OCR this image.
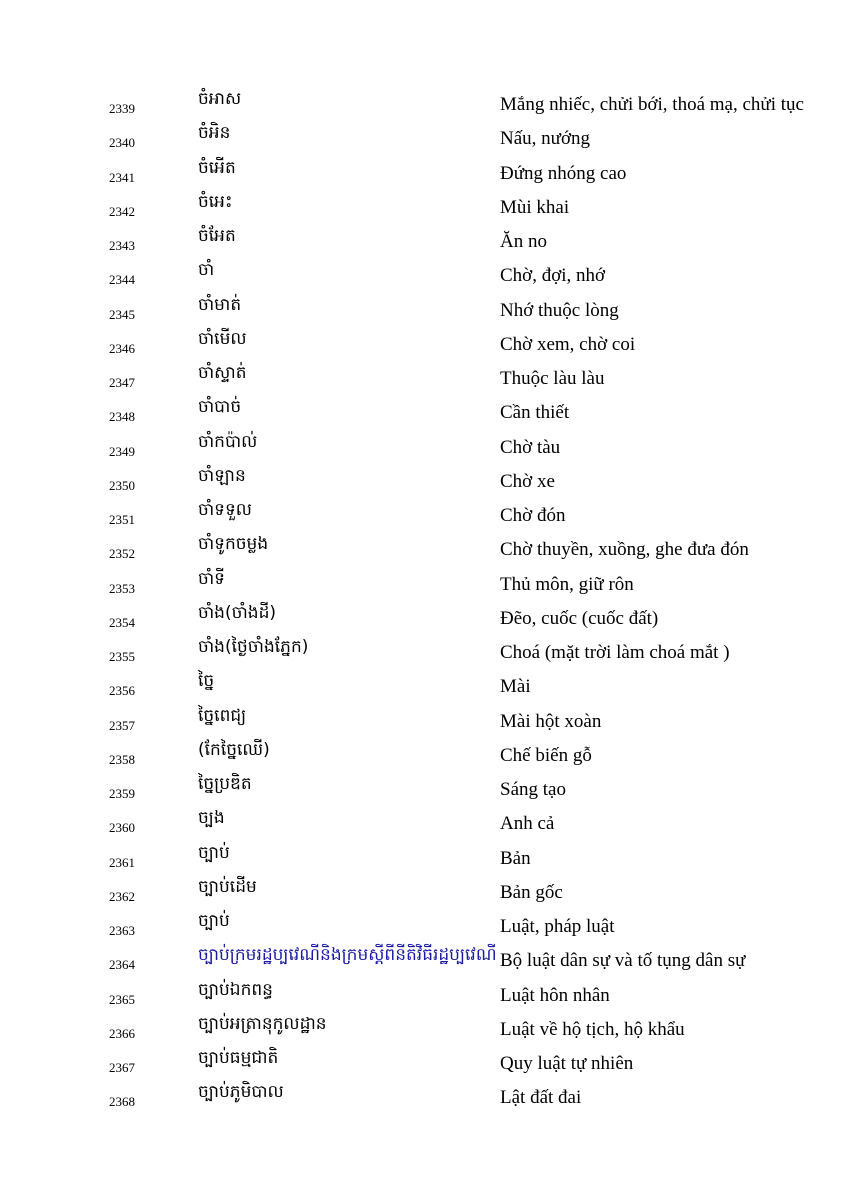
2339	ចំអាស	Mắng nhiếc, chửi bới, thoá mạ, chửi tục
2340	ចំអិន	Nấu, nướng
2341	ចំអើត	Đứng nhóng cao
2342	ចំអេះ	Mùi khai
2343	ចំអែត	Ăn no
2344	ចាំ	Chờ, đợi, nhớ
2345	ចាំមាត់	Nhớ thuộc lòng
2346	ចាំមើល	Chờ xem, chờ coi
2347	ចាំស្ទាត់	Thuộc làu làu
2348	ចាំបាច់	Cần thiết
2349	ចាំកប៉ាល់	Chờ tàu
2350	ចាំឡាន	Chờ xe
2351	ចាំទទួល	Chờ đón
2352	ចាំទូកចម្លង	Chờ thuyền, xuồng, ghe đưa đón
2353	ចាំទី	Thủ môn, giữ rôn
2354	ចាំង(ចាំងដី)	Đẽo, cuốc (cuốc đất)
2355	ចាំង(ថ្ងៃចាំងភ្នែក)	Choá (mặt trời làm choá mắt )
2356	ច្នៃ	Mài
2357	ច្នៃពេជ្យ	Mài hột xoàn
2358	(កែច្នៃឈើ)	Chế biến gỗ
2359	ច្នៃប្រឌិត	Sáng tạo
2360	ច្បង	Anh cả
2361	ច្បាប់	Bản
2362	ច្បាប់ដើម	Bản gốc
2363	ច្បាប់	Luật, pháp luật
2364	ច្បាប់ក្រមរដ្ឋប្បវេណីនិងក្រមស្តីពីនីតិវិធីរដ្ឋប្បវេណី Bộ luật dân sự và tố tụng dân sự
2365	ច្បាប់ឯកពន្ធ	Luật hôn nhân
2366	ច្បាប់អត្រានុកូលដ្ឋាន	Luật về hộ tịch, hộ khẩu
2367	ច្បាប់ធម្មជាតិ	Quy luật tự nhiên
2368	ច្បាប់ភូមិបាល	Lật đất đai
